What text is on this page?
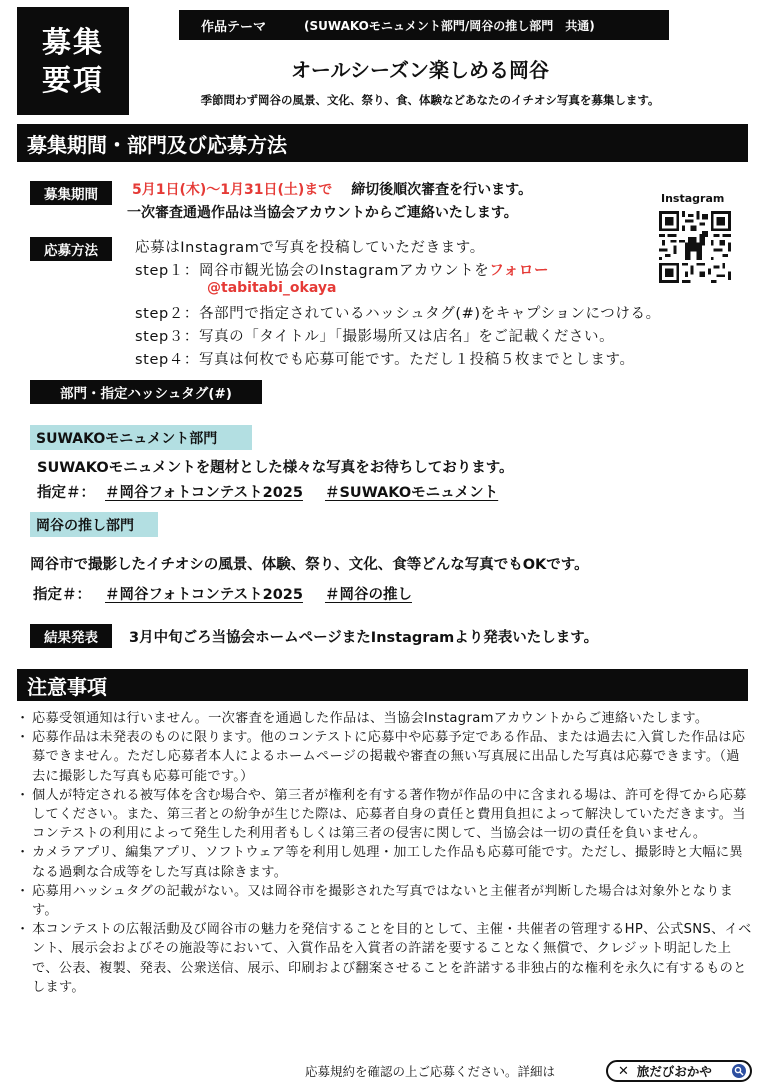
募集
要項
作品テーマ	(SUWAKOモニュメント部門/岡谷の推し部門　共通)
オールシーズン楽しめる岡谷
季節問わず岡谷の風景、文化、祭り、食、体験などあなたのイチオシ写真を募集します。
募集期間・部門及び応募方法
募集期間	5月1日(木)〜1月31日(土)まで 締切後順次審査を行います。
一次審査通過作品は当協会アカウントからご連絡いたします。
Instagram
応募方法	応募はInstagramで写真を投稿していただきます。
step１：岡谷市観光協会のInstagramアカウントをフォロー
@tabitabi_okaya
step２：各部門で指定されているハッシュタグ(#)をキャプションにつける。
step３：写真の「タイトル」「撮影場所又は店名」をご記載ください。
step４：写真は何枚でも応募可能です。ただし１投稿５枚までとします。
部門・指定ハッシュタグ(#)
SUWAKOモニュメント部門
SUWAKOモニュメントを題材とした様々な写真をお待ちしております。
指定＃： ＃岡谷フォトコンテスト2025 ＃SUWAKOモニュメント
岡谷の推し部門
岡谷市で撮影したイチオシの風景、体験、祭り、文化、食等どんな写真でもOKです。
指定＃： ＃岡谷フォトコンテスト2025 ＃岡谷の推し
結果発表	3月中旬ごろ当協会ホームページまたInstagramより発表いたします。
注意事項
・ 応募受領通知は行いません。一次審査を通過した作品は、当協会Instagramアカウントからご連絡いたします。
・ 応募作品は未発表のものに限ります。他のコンテストに応募中や応募予定である作品、または過去に入賞した作品は応募できません。ただし応募者本人によるホームページの掲載や審査の無い写真展に出品した写真は応募できます。（過去に撮影した写真も応募可能です。）
・ 個人が特定される被写体を含む場合や、第三者が権利を有する著作物が作品の中に含まれる場は、許可を得てから応募してください。また、第三者との紛争が生じた際は、応募者自身の責任と費用負担によって解決していただきます。当コンテストの利用によって発生した利用者もしくは第三者の侵害に関して、当協会は一切の責任を負いません。
・ カメラアプリ、編集アプリ、ソフトウェア等を利用し処理・加工した作品も応募可能です。ただし、撮影時と大幅に異なる過剰な合成等をした写真は除きます。
・ 応募用ハッシュタグの記載がない。又は岡谷市を撮影された写真ではないと主催者が判断した場合は対象外となります。
・ 本コンテストの広報活動及び岡谷市の魅力を発信することを目的として、主催・共催者の管理するHP、公式SNS、イベント、展示会およびその施設等において、入賞作品を入賞者の許諾を要することなく無償で、クレジット明記した上で、公表、複製、発表、公衆送信、展示、印刷および翻案させることを許諾する非独占的な権利を永久に有するものとします。
応募規約を確認の上ご応募ください。詳細は	✕ 旅だびおかや
